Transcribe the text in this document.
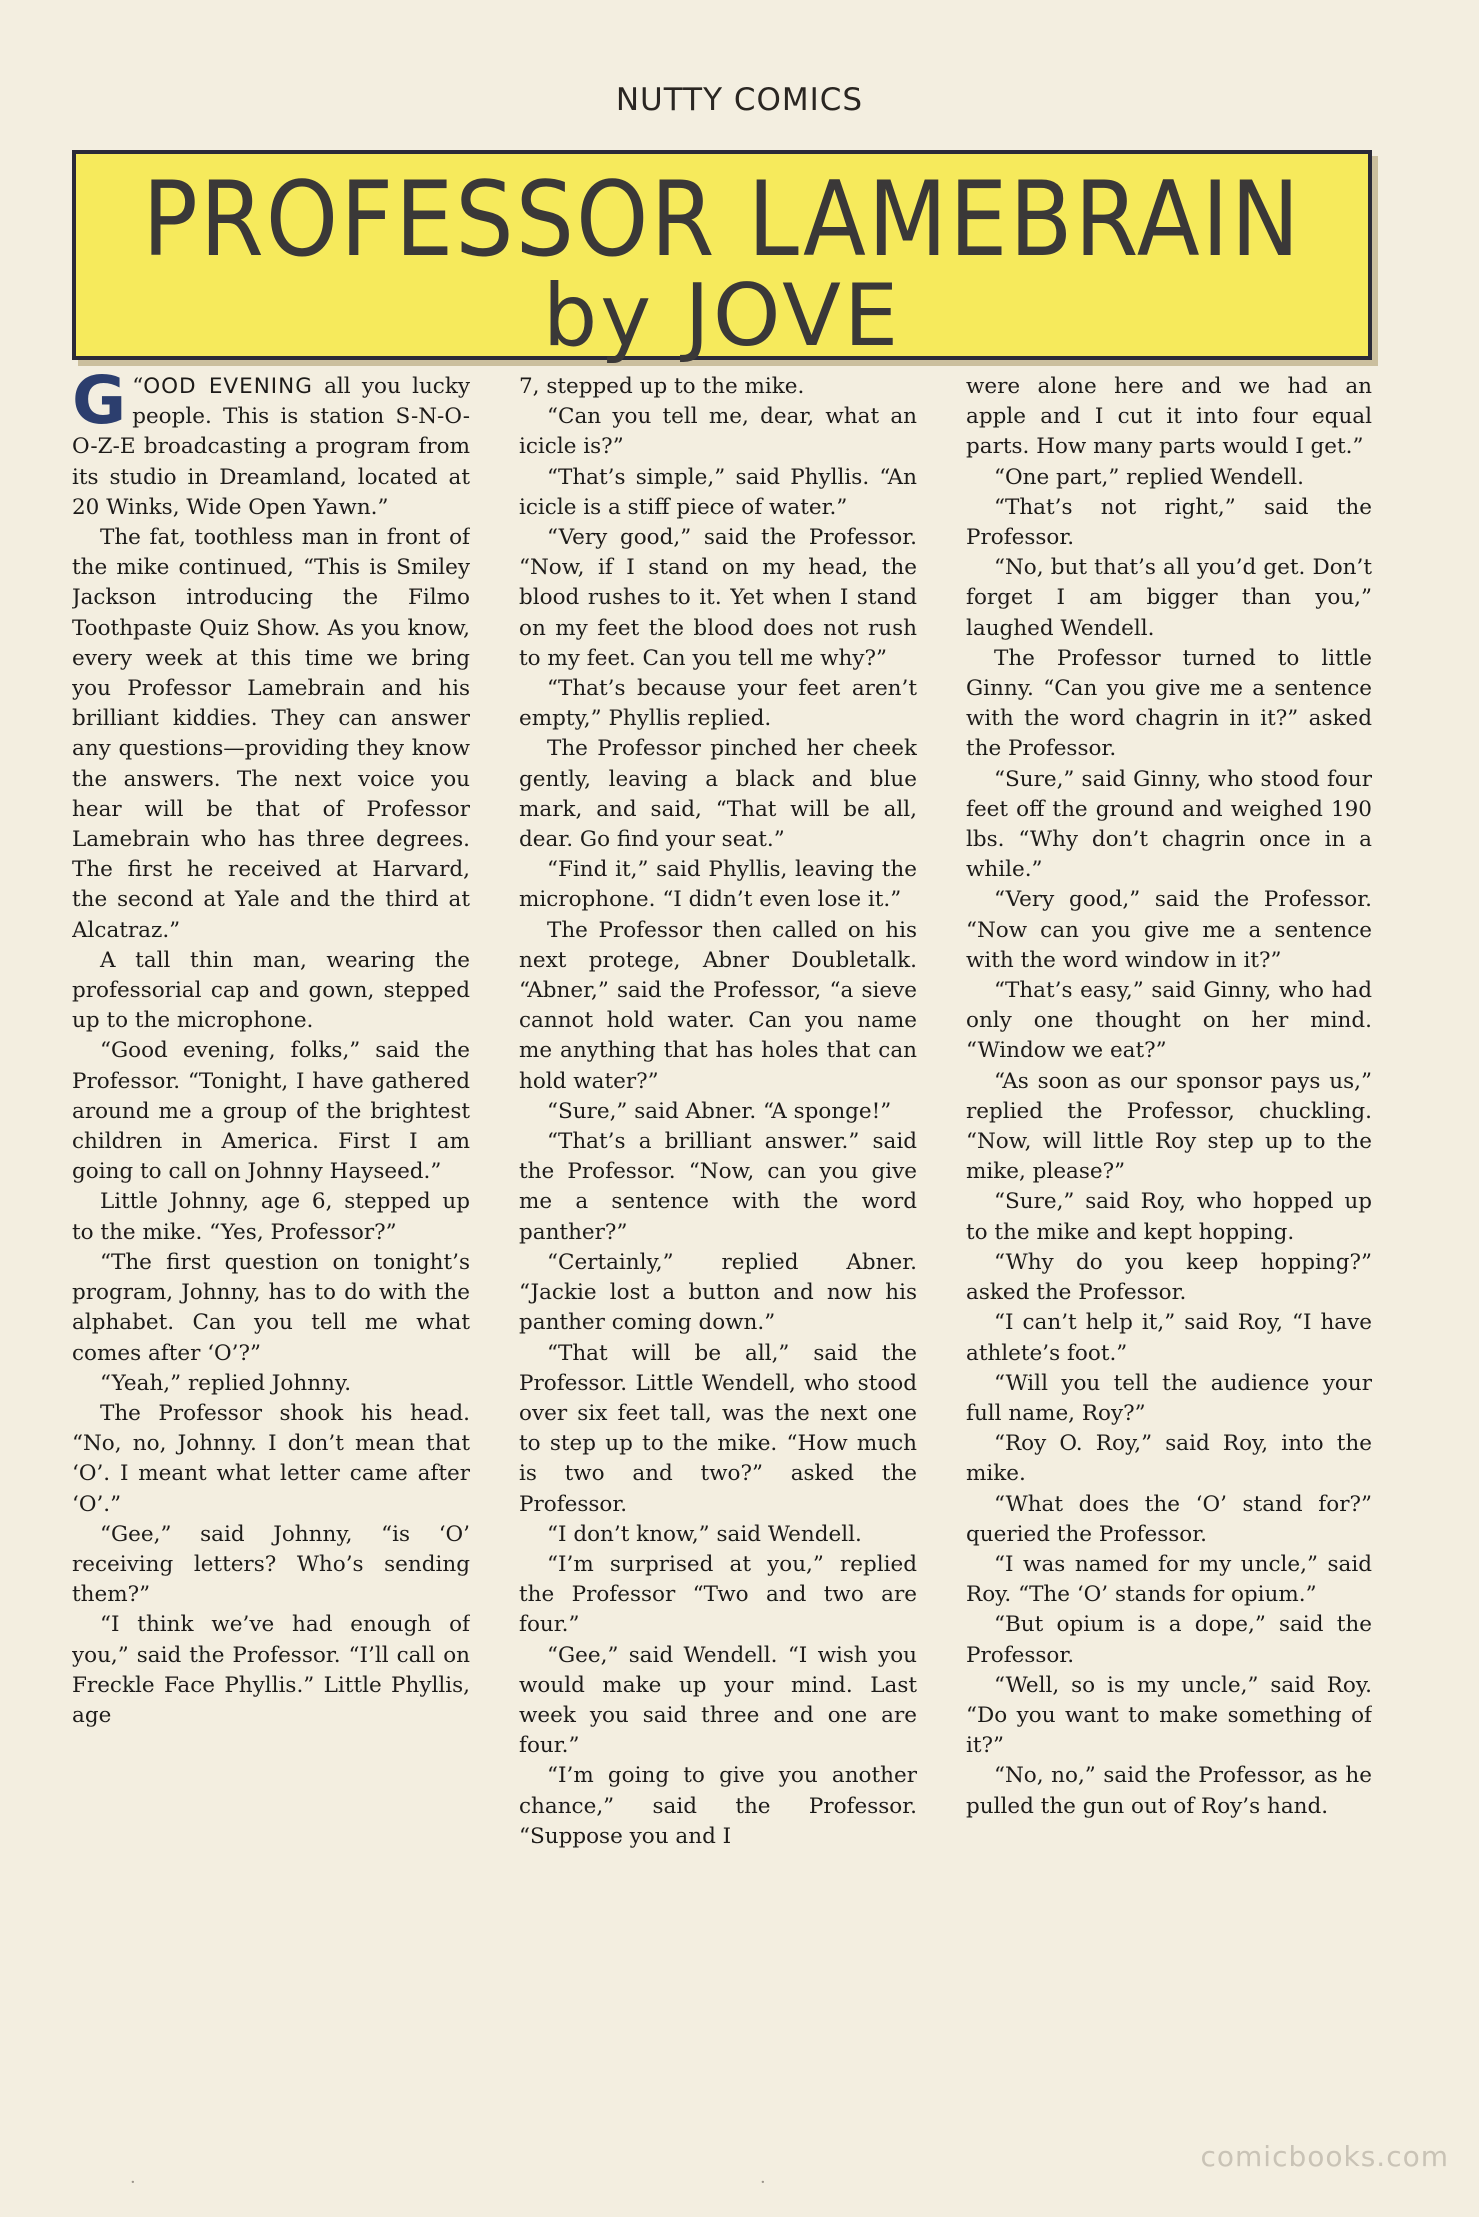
NUTTY COMICS
PROFESSOR LAMEBRAIN
by JOVE

“
G OOD EVENING all you lucky people. This is station S-N-O-O-Z-E broadcasting a program from its studio in Dreamland, located at 20 Winks, Wide Open Yawn.”

The fat, toothless man in front of the mike continued, “This is Smiley Jackson introducing the Filmo Toothpaste Quiz Show. As you know, every week at this time we bring you Professor Lamebrain and his brilliant kiddies. They can answer any questions—providing they know the answers. The next voice you hear will be that of Professor Lamebrain who has three degrees. The first he received at Harvard, the second at Yale and the third at Alcatraz.”

A tall thin man, wearing the professorial cap and gown, stepped up to the microphone.

“Good evening, folks,” said the Professor. “Tonight, I have gathered around me a group of the brightest children in America. First I am going to call on Johnny Hayseed.”

Little Johnny, age 6, stepped up to the mike. “Yes, Professor?”

“The first question on tonight’s program, Johnny, has to do with the alphabet. Can you tell me what comes after ‘O’?”

“Yeah,” replied Johnny.

The Professor shook his head. “No, no, Johnny. I don’t mean that ‘O’. I meant what letter came after ‘O’.”

“Gee,” said Johnny, “is ‘O’ receiving letters? Who’s sending them?”

“I think we’ve had enough of you,” said the Professor. “I’ll call on Freckle Face Phyllis.” Little Phyllis, age

7, stepped up to the mike.

“Can you tell me, dear, what an icicle is?”

“That’s simple,” said Phyllis. “An icicle is a stiff piece of water.”

“Very good,” said the Professor. “Now, if I stand on my head, the blood rushes to it. Yet when I stand on my feet the blood does not rush to my feet. Can you tell me why?”

“That’s because your feet aren’t empty,” Phyllis replied.

The Professor pinched her cheek gently, leaving a black and blue mark, and said, “That will be all, dear. Go find your seat.”

“Find it,” said Phyllis, leaving the microphone. “I didn’t even lose it.”

The Professor then called on his next protege, Abner Doubletalk. “Abner,” said the Professor, “a sieve cannot hold water. Can you name me anything that has holes that can hold water?”

“Sure,” said Abner. “A sponge!”

“That’s a brilliant answer.” said the Professor. “Now, can you give me a sentence with the word panther?”

“Certainly,” replied Abner. “Jackie lost a button and now his panther coming down.”

“That will be all,” said the Professor. Little Wendell, who stood over six feet tall, was the next one to step up to the mike. “How much is two and two?” asked the Professor.

“I don’t know,” said Wendell.

“I’m surprised at you,” replied the Professor “Two and two are four.”

“Gee,” said Wendell. “I wish you would make up your mind. Last week you said three and one are four.”

“I’m going to give you another chance,” said the Professor. “Suppose you and I

were alone here and we had an apple and I cut it into four equal parts. How many parts would I get.”

“One part,” replied Wendell.

“That’s not right,” said the Professor.

“No, but that’s all you’d get. Don’t forget I am bigger than you,” laughed Wendell.

The Professor turned to little Ginny. “Can you give me a sentence with the word chagrin in it?” asked the Professor.

“Sure,” said Ginny, who stood four feet off the ground and weighed 190 lbs. “Why don’t chagrin once in a while.”

“Very good,” said the Professor. “Now can you give me a sentence with the word window in it?”

“That’s easy,” said Ginny, who had only one thought on her mind. “Window we eat?”

“As soon as our sponsor pays us,” replied the Professor, chuckling. “Now, will little Roy step up to the mike, please?”

“Sure,” said Roy, who hopped up to the mike and kept hopping.

“Why do you keep hopping?” asked the Professor.

“I can’t help it,” said Roy, “I have athlete’s foot.”

“Will you tell the audience your full name, Roy?”

“Roy O. Roy,” said Roy, into the mike.

“What does the ‘O’ stand for?” queried the Professor.

“I was named for my uncle,” said Roy. “The ‘O’ stands for opium.”

“But opium is a dope,” said the Professor.

“Well, so is my uncle,” said Roy. “Do you want to make something of it?”

“No, no,” said the Professor, as he pulled the gun out of Roy’s hand.

comicbooks.com
·	·
